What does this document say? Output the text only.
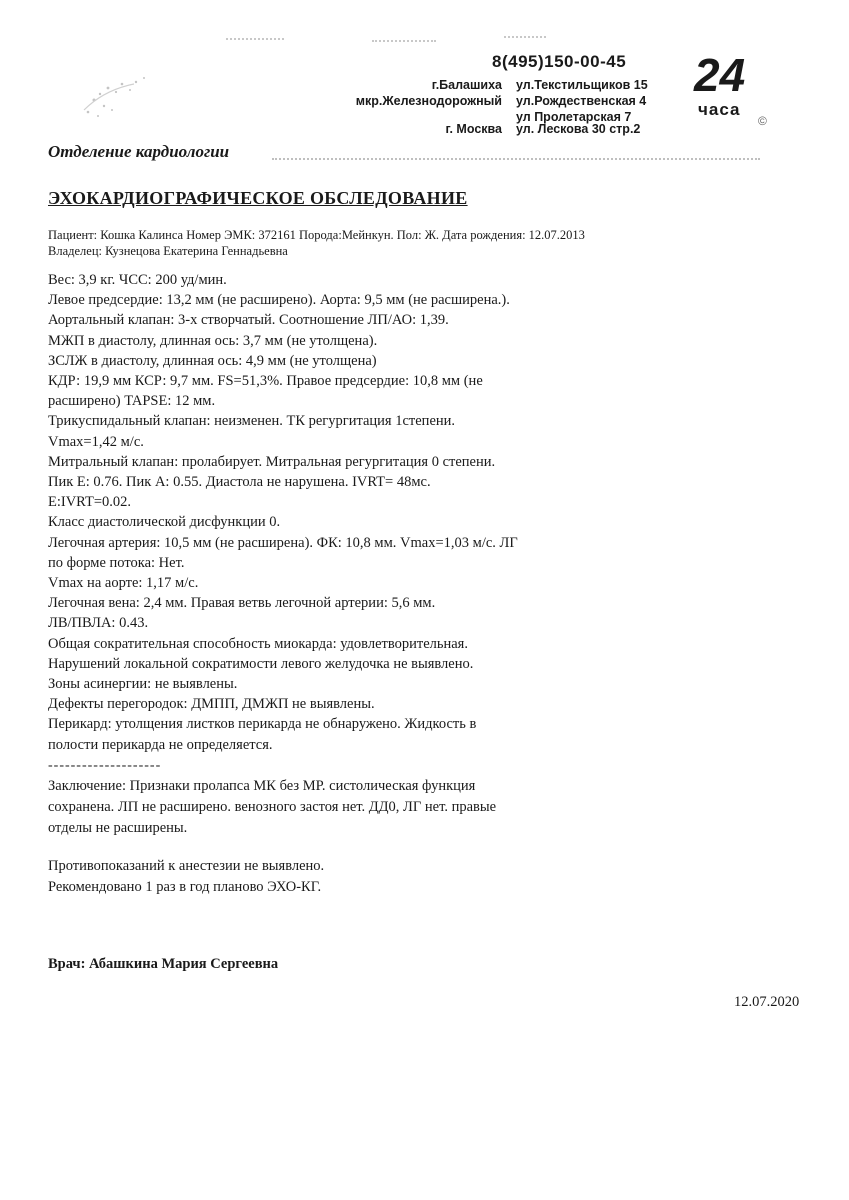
8(495)150-00-45
г.Балашиха ул.Текстильщиков 15
мкр.Железнодорожный ул.Рождественская 4
ул Пролетарская 7
г. Москва ул. Лескова 30 стр.2
24
часа
©
Отделение кардиологии
ЭХОКАРДИОГРАФИЧЕСКОЕ ОБСЛЕДОВАНИЕ
Пациент: Кошка Калинса Номер ЭМК: 372161 Порода:Мейнкун. Пол: Ж. Дата рождения: 12.07.2013
Владелец: Кузнецова Екатерина Геннадьевна
Вес: 3,9 кг. ЧСС: 200 уд/мин.
Левое предсердие: 13,2 мм (не расширено). Аорта: 9,5 мм (не расширена.).
Аортальный клапан: 3-х створчатый. Соотношение ЛП/АО: 1,39.
МЖП в диастолу, длинная ось: 3,7 мм (не утолщена).
ЗСЛЖ в диастолу, длинная ось: 4,9 мм (не утолщена)
КДР: 19,9 мм КСР: 9,7 мм. FS=51,3%. Правое предсердие: 10,8 мм (не
расширено) TAPSE: 12 мм.
Трикуспидальный клапан: неизменен. ТК регургитация 1степени.
Vmax=1,42 м/с.
Митральный клапан: пролабирует. Митральная регургитация 0 степени.
Пик Е: 0.76. Пик А: 0.55. Диастола не нарушена. IVRT= 48мс.
E:IVRT=0.02.
Класс диастолической дисфункции 0.
Легочная артерия: 10,5 мм (не расширена). ФК: 10,8 мм. Vmax=1,03 м/с. ЛГ
по форме потока: Нет.
Vmax на аорте: 1,17 м/с.
Легочная вена: 2,4 мм. Правая ветвь легочной артерии: 5,6 мм.
ЛВ/ПВЛА: 0.43.
Общая сократительная способность миокарда: удовлетворительная.
Нарушений локальной сократимости левого желудочка не выявлено.
Зоны асинергии: не выявлены.
Дефекты перегородок: ДМПП, ДМЖП не выявлены.
Перикард: утолщения листков перикарда не обнаружено. Жидкость в
полости перикарда не определяется.
--------------------
Заключение: Признаки пролапса МК без МР. систолическая функция
сохранена. ЛП не расширено. венозного застоя нет. ДД0, ЛГ нет. правые
отделы не расширены.
Противопоказаний к анестезии не выявлено.
Рекомендовано 1 раз в год планово ЭХО-КГ.
Врач: Абашкина Мария Сергеевна
12.07.2020
